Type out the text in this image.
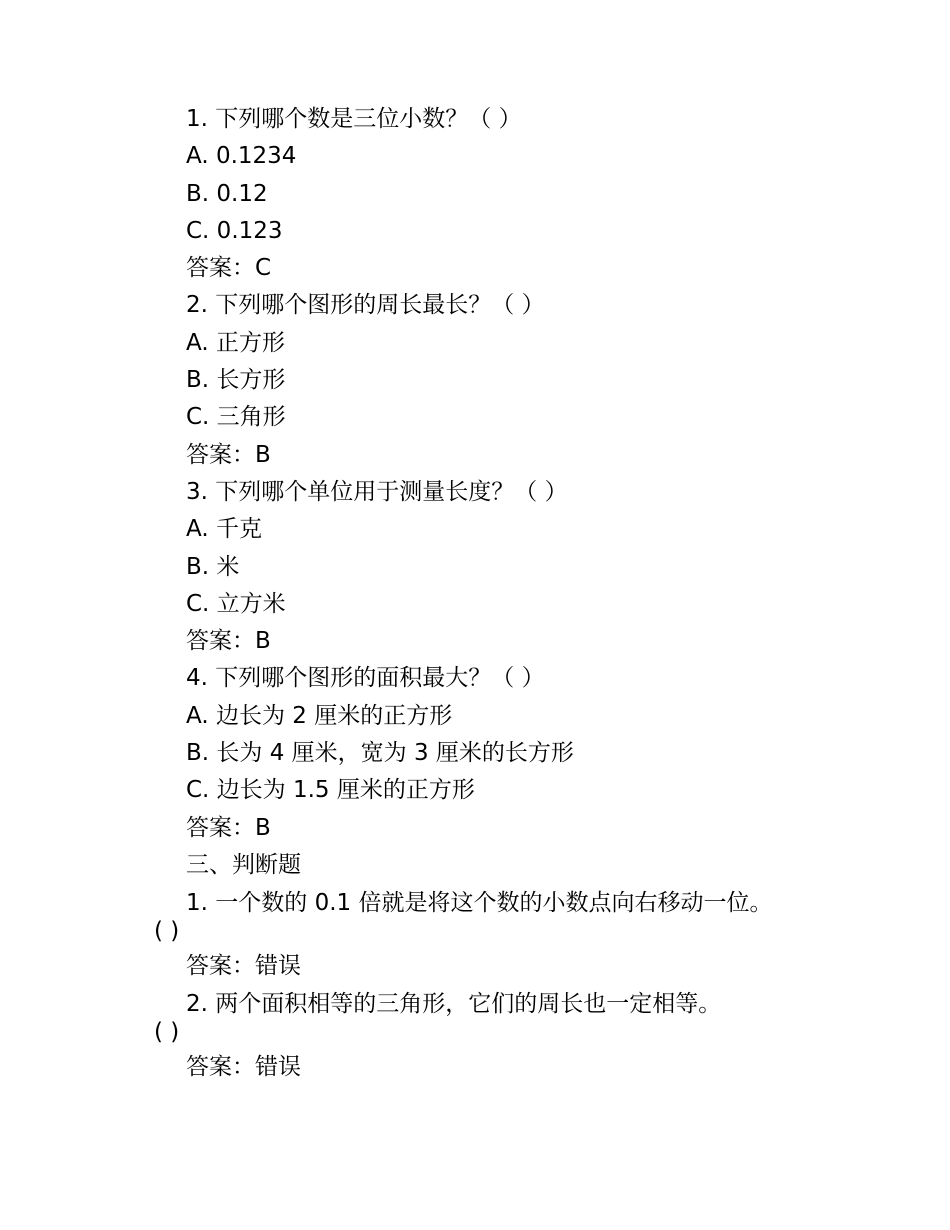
1. 下列哪个数是三位小数？（ ）
A. 0.1234
B. 0.12
C. 0.123
答案：C
2. 下列哪个图形的周长最长？（ ）
A. 正方形
B. 长方形
C. 三角形
答案：B
3. 下列哪个单位用于测量长度？（ ）
A. 千克
B. 米
C. 立方米
答案：B
4. 下列哪个图形的面积最大？（ ）
A. 边长为 2 厘米的正方形
B. 长为 4 厘米，宽为 3 厘米的长方形
C. 边长为 1.5 厘米的正方形
答案：B
三、判断题
1. 一个数的 0.1 倍就是将这个数的小数点向右移动一位。
( )
答案：错误
2. 两个面积相等的三角形，它们的周长也一定相等。
( )
答案：错误
